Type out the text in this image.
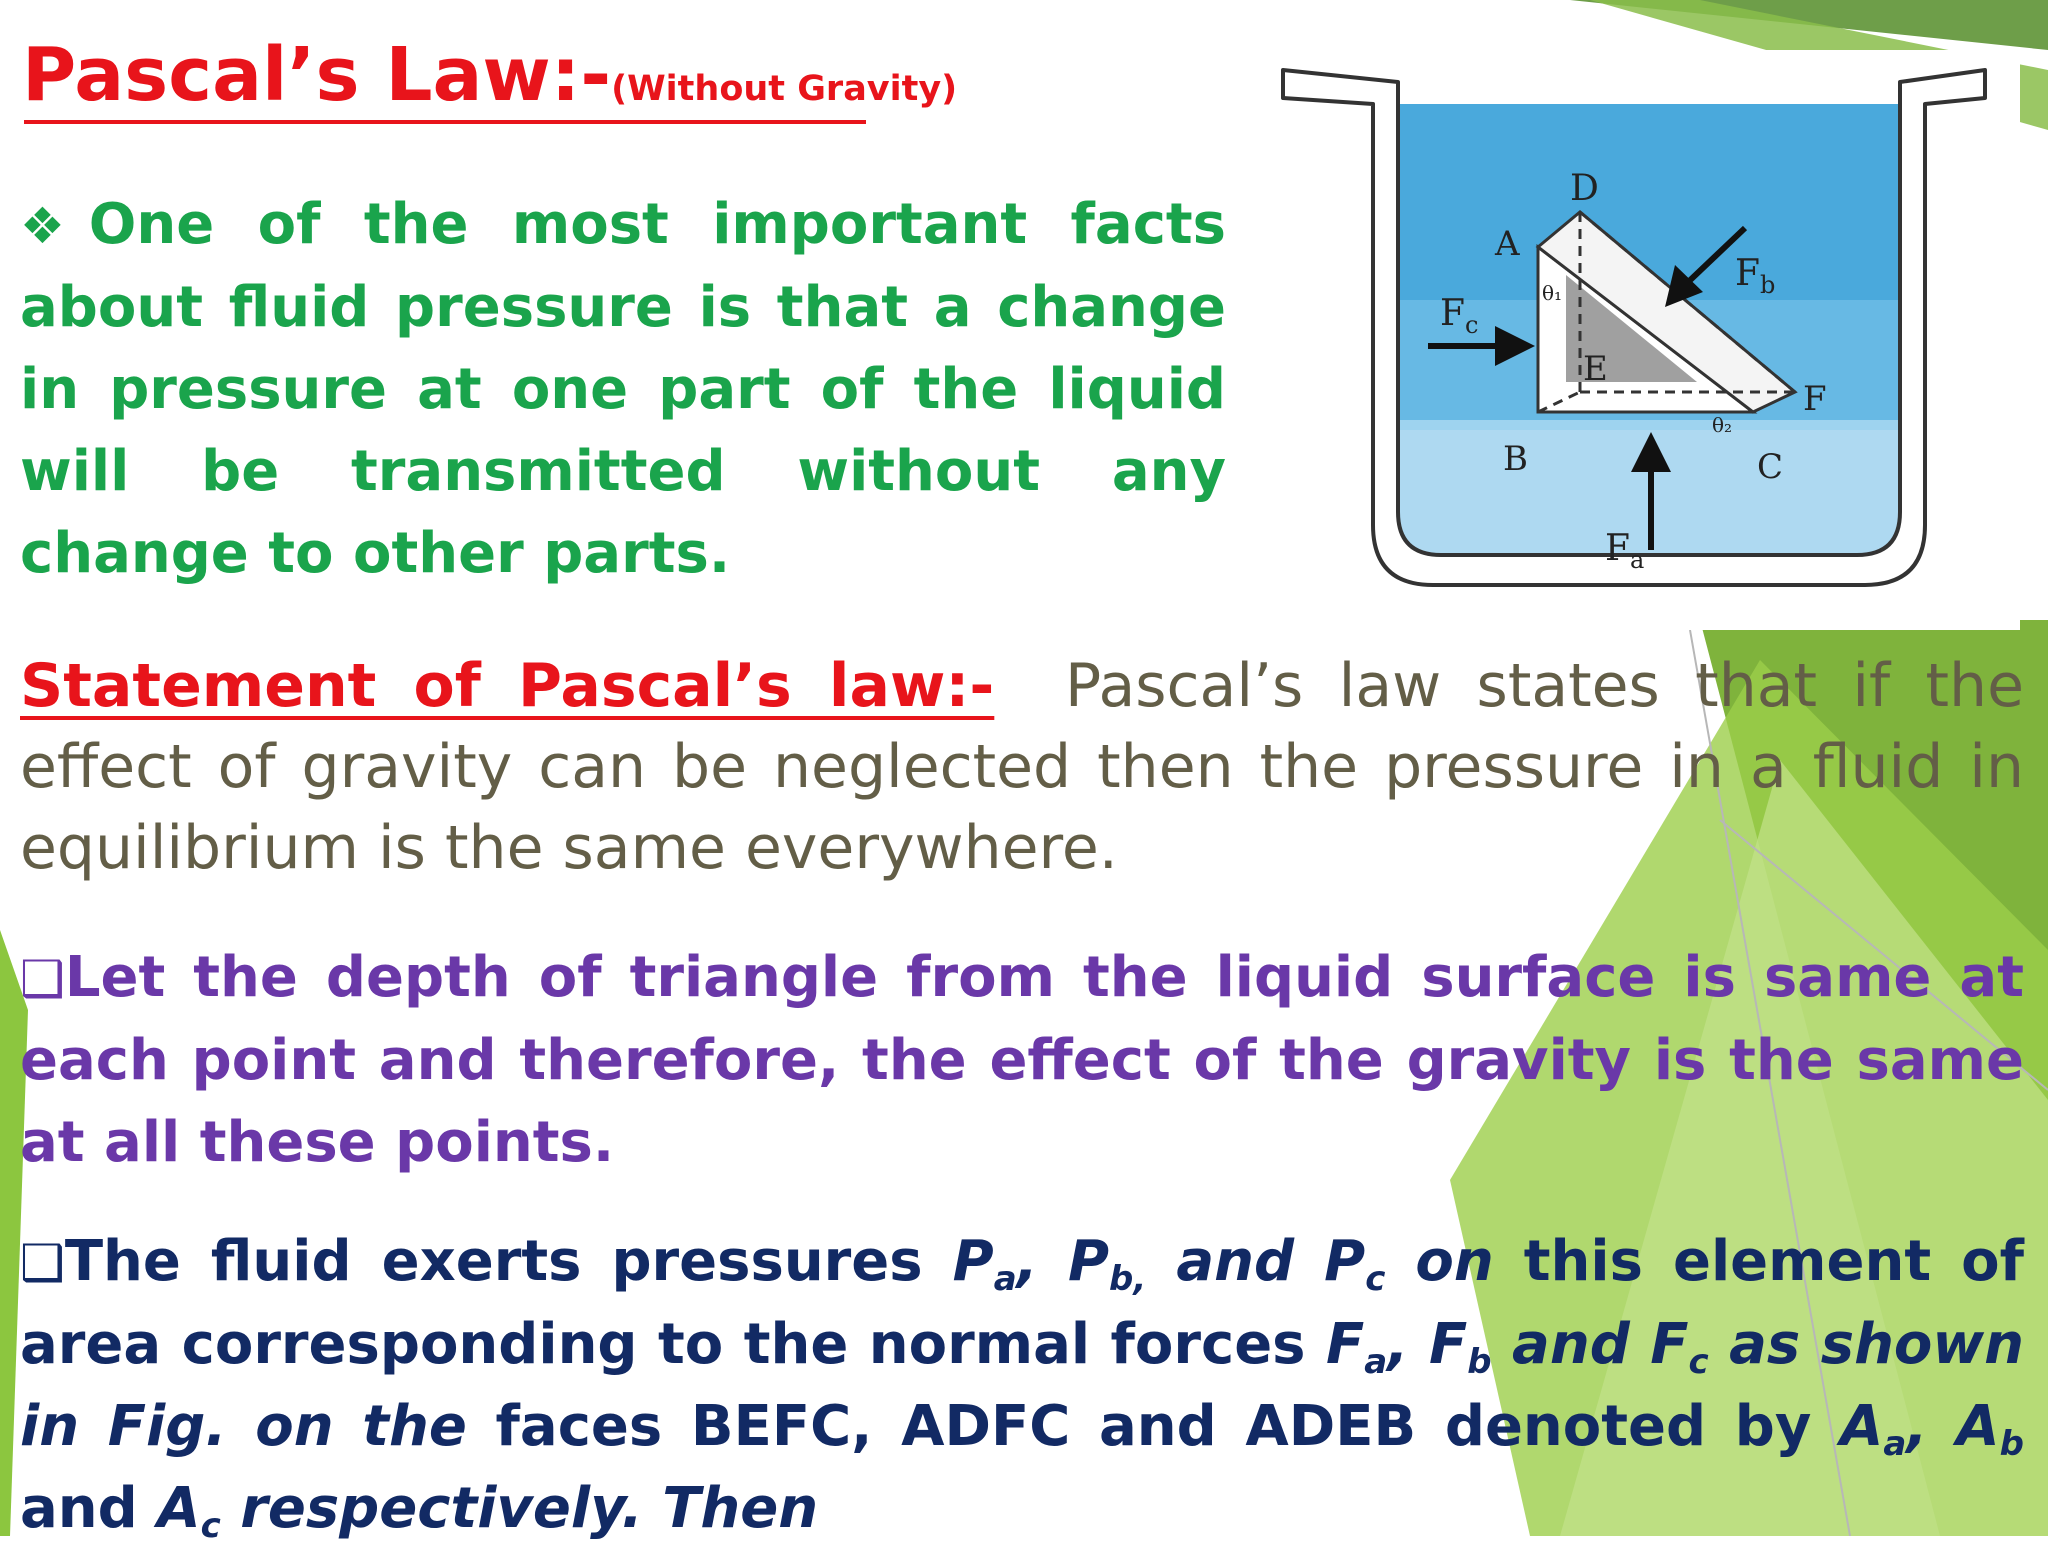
Pascal’s Law:-(Without Gravity)

❖One of the most important facts about fluid pressure is that a change in pressure at one part of the liquid will be transmitted without any change to other parts.

D
A
B	C
E
F
θ₁
θ₂
$F_c$
$F_b$
$F_a$

Statement of Pascal’s law:- Pascal’s law states that if the effect of gravity can be neglected then the pressure in a fluid in equilibrium is the same everywhere.

❑Let the depth of triangle from the liquid surface is same at each point and therefore, the effect of the gravity is the same at all these points.

❑The fluid exerts pressures $P_a$, $P_{b,}$ and $P_c$ on this element of area corresponding to the normal forces $F_a$, $F_b$ and $F_c$ as shown in Fig. on the faces BEFC, ADFC and ADEB denoted by $A_a$, $A_b$ and $A_c$ respectively. Then
